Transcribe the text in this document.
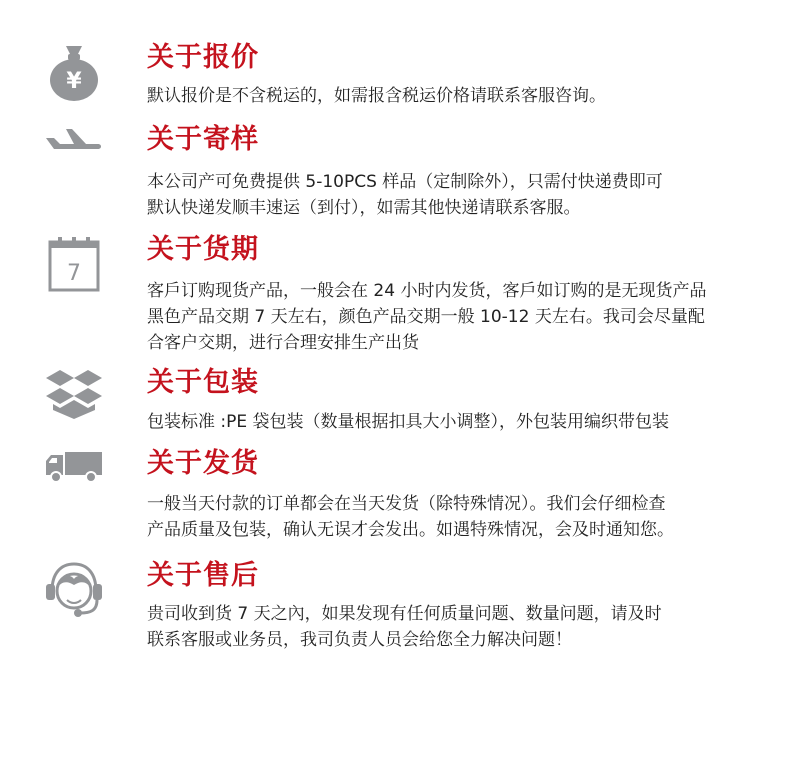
¥
关于报价

默认报价是不含税运的，如需报含税运价格请联系客服咨询。

关于寄样

本公司产可免费提供 5-10PCS 样品（定制除外），只需付快递费即可
默认快递发顺丰速运（到付），如需其他快递请联系客服。

7
关于货期

客戶订购现货产品，一般会在 24 小时内发货，客戶如订购的是无现货产品
黑色产品交期 7 天左右，颜色产品交期一般 10-12 天左右。我司会尽量配
合客户交期，进行合理安排生产出货

关于包装

包装标准 :PE 袋包装（数量根据扣具大小调整），外包装用编织带包装

关于发货

一般当天付款的订单都会在当天发货（除特殊情况）。我们会仔细检查
产品质量及包装，确认无误才会发出。如遇特殊情况，会及时通知您。

关于售后

贵司收到货 7 天之內，如果发现有任何质量问题、数量问题，请及时
联系客服或业务员，我司负责人员会给您全力解决问题！
